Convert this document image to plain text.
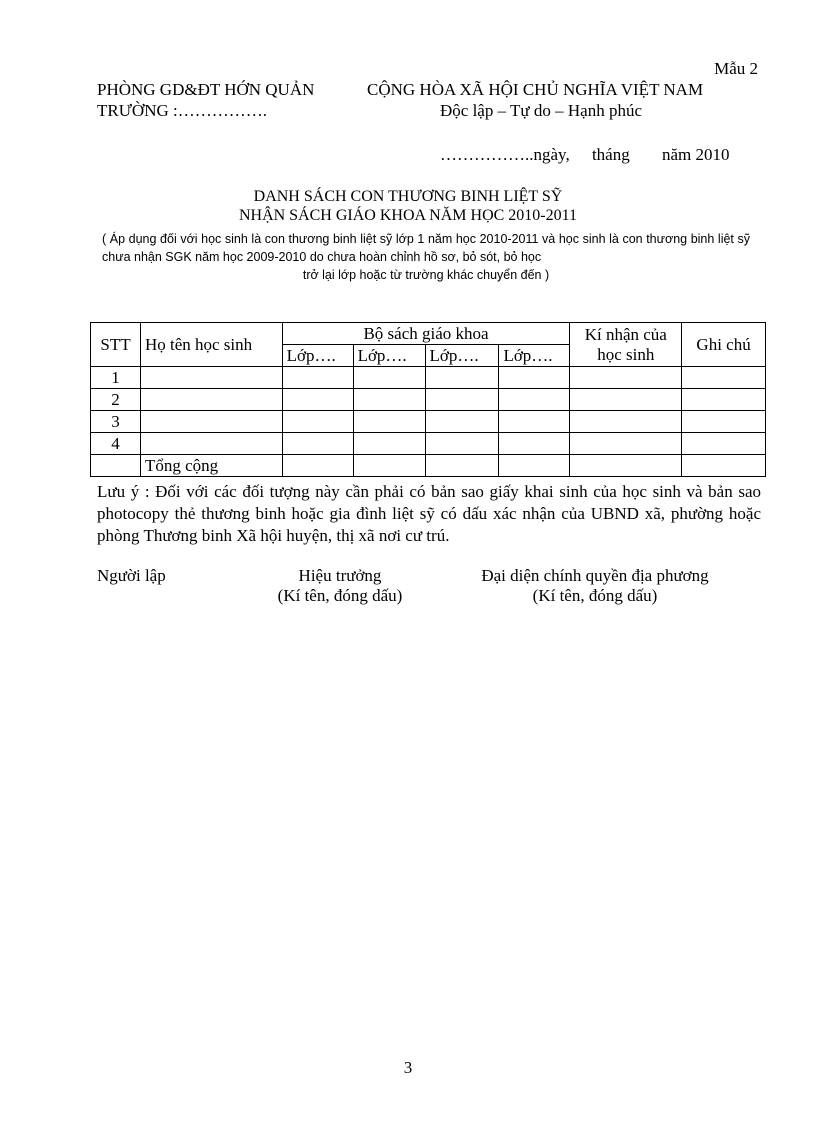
Mẫu 2
PHÒNG GD&ĐT HỚN QUẢN
TRƯỜNG :…………….
CỘNG HÒA XÃ HỘI CHỦ NGHĨA VIỆT NAM
Độc lập – Tự do – Hạnh phúc
……………..ngày, tháng năm 2010
DANH SÁCH CON THƯƠNG BINH LIỆT SỸ
NHẬN SÁCH GIÁO KHOA NĂM HỌC 2010-2011
( Áp dụng đối với học sinh là con thương binh liệt sỹ lớp 1 năm học 2010-2011 và học sinh là con thương binh liệt sỹ chưa nhận SGK năm học 2009-2010 do chưa hoàn chỉnh hồ sơ, bỏ sót, bỏ học
trở lại lớp hoặc từ trường khác chuyển đến )
STT	Họ tên học sinh	Bộ sách giáo khoa				Kí nhận của học sinh	Ghi chú
		Lớp….	Lớp….	Lớp….	Lớp….		
1							
2							
3							
4							
	Tổng cộng						
Lưu ý : Đối với các đối tượng này cần phải có bản sao giấy khai sinh của học sinh và bản sao photocopy thẻ thương binh hoặc gia đình liệt sỹ có dấu xác nhận của UBND xã, phường hoặc phòng Thương binh Xã hội huyện, thị xã nơi cư trú.
Người lập	Hiệu trưởng
(Kí tên, đóng dấu)
Đại diện chính quyền địa phương
(Kí tên, đóng dấu)
3
